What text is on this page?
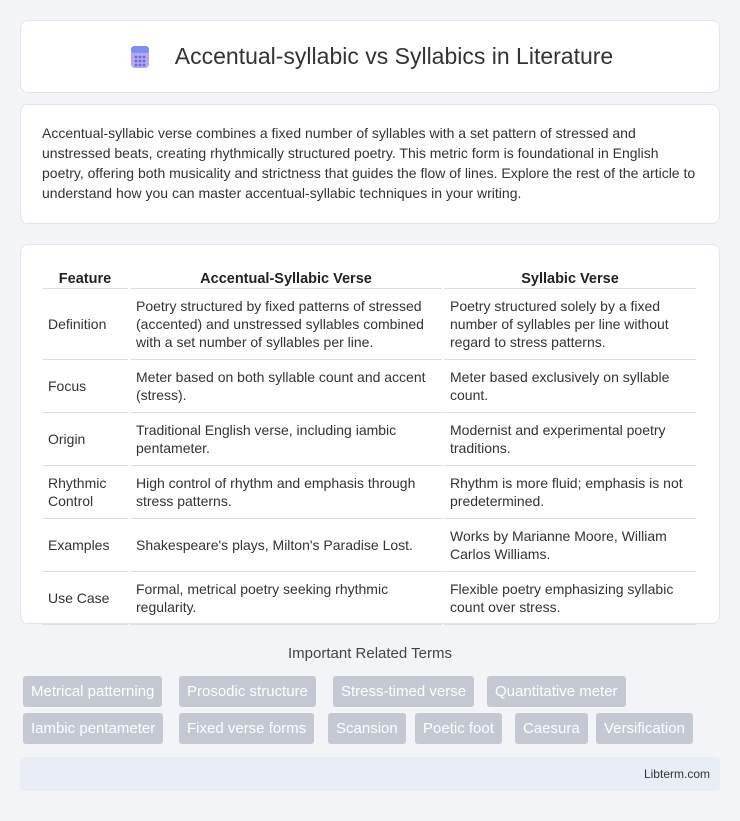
Accentual-syllabic vs Syllabics in Literature

Accentual-syllabic verse combines a fixed number of syllables with a set pattern of stressed and unstressed beats, creating rhythmically structured poetry. This metric form is foundational in English poetry, offering both musicality and strictness that guides the flow of lines. Explore the rest of the article to understand how you can master accentual-syllabic techniques in your writing.

Feature	Accentual-Syllabic Verse	Syllabic Verse
Definition	Poetry structured by fixed patterns of stressed (accented) and unstressed syllables combined with a set number of syllables per line.	Poetry structured solely by a fixed number of syllables per line without regard to stress patterns.
Focus	Meter based on both syllable count and accent (stress).	Meter based exclusively on syllable count.
Origin	Traditional English verse, including iambic pentameter.	Modernist and experimental poetry traditions.
Rhythmic Control	High control of rhythm and emphasis through stress patterns.	Rhythm is more fluid; emphasis is not predetermined.
Examples	Shakespeare's plays, Milton's Paradise Lost.	Works by Marianne Moore, William Carlos Williams.
Use Case	Formal, metrical poetry seeking rhythmic regularity.	Flexible poetry emphasizing syllabic count over stress.
Important Related Terms
Metrical patterning	Prosodic structure	Stress-timed verse	Quantitative meter
Iambic pentameter	Fixed verse forms	Scansion	Poetic foot	Caesura	Versification
Libterm.com
